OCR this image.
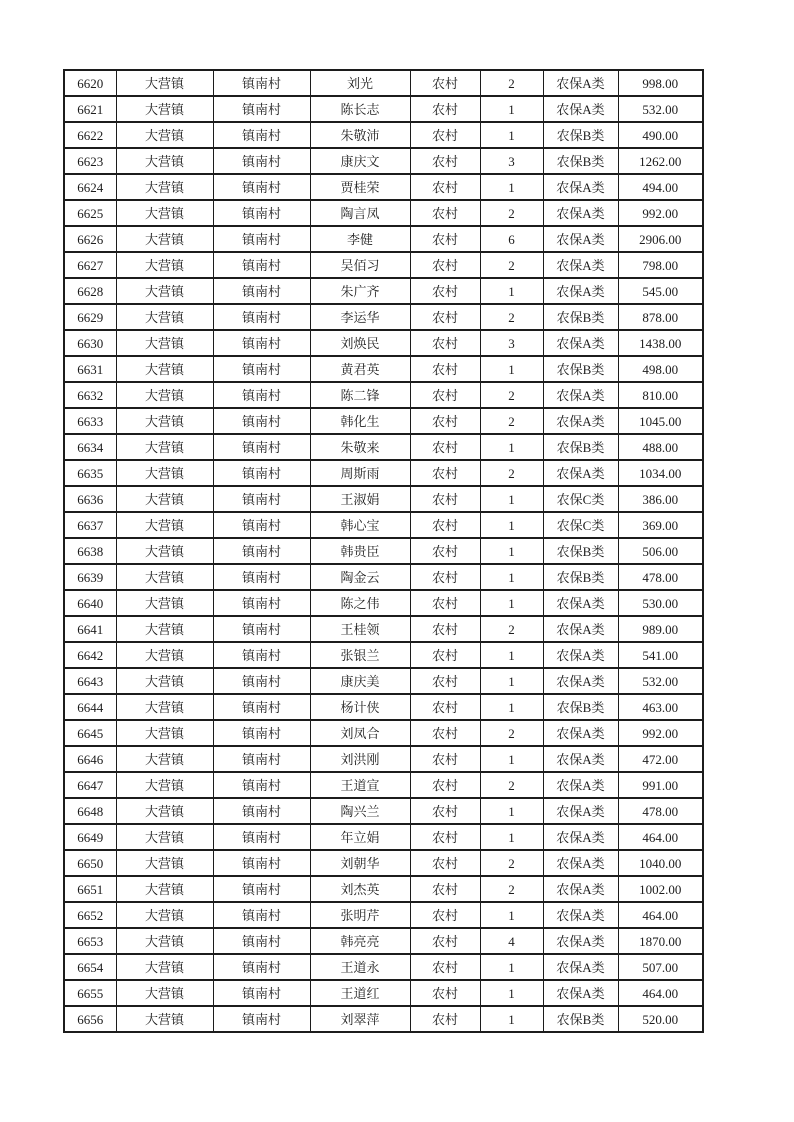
6620	大营镇	镇南村	刘光	农村	2	农保A类	998.00
6621	大营镇	镇南村	陈长志	农村	1	农保A类	532.00
6622	大营镇	镇南村	朱敬沛	农村	1	农保B类	490.00
6623	大营镇	镇南村	康庆文	农村	3	农保B类	1262.00
6624	大营镇	镇南村	贾桂荣	农村	1	农保A类	494.00
6625	大营镇	镇南村	陶言凤	农村	2	农保A类	992.00
6626	大营镇	镇南村	李健	农村	6	农保A类	2906.00
6627	大营镇	镇南村	吴佰习	农村	2	农保A类	798.00
6628	大营镇	镇南村	朱广齐	农村	1	农保A类	545.00
6629	大营镇	镇南村	李运华	农村	2	农保B类	878.00
6630	大营镇	镇南村	刘焕民	农村	3	农保A类	1438.00
6631	大营镇	镇南村	黄君英	农村	1	农保B类	498.00
6632	大营镇	镇南村	陈二锋	农村	2	农保A类	810.00
6633	大营镇	镇南村	韩化生	农村	2	农保A类	1045.00
6634	大营镇	镇南村	朱敬来	农村	1	农保B类	488.00
6635	大营镇	镇南村	周斯雨	农村	2	农保A类	1034.00
6636	大营镇	镇南村	王淑娟	农村	1	农保C类	386.00
6637	大营镇	镇南村	韩心宝	农村	1	农保C类	369.00
6638	大营镇	镇南村	韩贵臣	农村	1	农保B类	506.00
6639	大营镇	镇南村	陶金云	农村	1	农保B类	478.00
6640	大营镇	镇南村	陈之伟	农村	1	农保A类	530.00
6641	大营镇	镇南村	王桂领	农村	2	农保A类	989.00
6642	大营镇	镇南村	张银兰	农村	1	农保A类	541.00
6643	大营镇	镇南村	康庆美	农村	1	农保A类	532.00
6644	大营镇	镇南村	杨计侠	农村	1	农保B类	463.00
6645	大营镇	镇南村	刘凤合	农村	2	农保A类	992.00
6646	大营镇	镇南村	刘洪刚	农村	1	农保A类	472.00
6647	大营镇	镇南村	王道宣	农村	2	农保A类	991.00
6648	大营镇	镇南村	陶兴兰	农村	1	农保A类	478.00
6649	大营镇	镇南村	年立娟	农村	1	农保A类	464.00
6650	大营镇	镇南村	刘朝华	农村	2	农保A类	1040.00
6651	大营镇	镇南村	刘杰英	农村	2	农保A类	1002.00
6652	大营镇	镇南村	张明芹	农村	1	农保A类	464.00
6653	大营镇	镇南村	韩亮亮	农村	4	农保A类	1870.00
6654	大营镇	镇南村	王道永	农村	1	农保A类	507.00
6655	大营镇	镇南村	王道红	农村	1	农保A类	464.00
6656	大营镇	镇南村	刘翠萍	农村	1	农保B类	520.00
